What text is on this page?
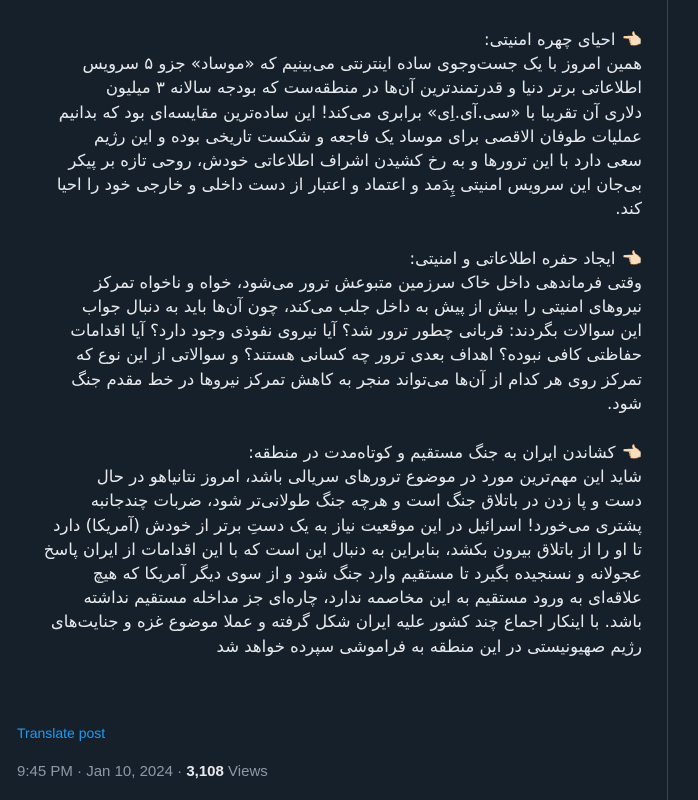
👈🏻احیای چهره امنیتی:
همین امروز با یک جست‌وجوی ساده اینترنتی می‌بینیم که «موساد» جزو ۵ سرویس
اطلاعاتی برتر دنیا و قدرتمندترین آن‌ها در منطقه‌ست که بودجه سالانه ۳ میلیون
دلاری آن تقریبا با «سی.آی.اِی» برابری می‌کند! این ساده‌ترین مقایسه‌ای بود که بدانیم
عملیات طوفان الاقصی برای موساد یک فاجعه و شکست تاریخی بوده و این رژیم
سعی دارد با این ترورها و به رخ کشیدن اشراف اطلاعاتی خودش، روحی تازه بر پیکر
بی‌جان این سرویس امنیتی پِدَمد و اعتماد و اعتبار از دست داخلی و خارجی خود را احیا
کند.
👈🏻ایجاد حفره اطلاعاتی و امنیتی:
وقتی فرماندهی داخل خاک سرزمین متبوعش ترور می‌شود، خواه و ناخواه تمرکز
نیروهای امنیتی را بیش از پیش به داخل جلب می‌کند، چون آن‌ها باید به دنبال جواب
این سوالات بگردند: قربانی چطور ترور شد؟ آیا نیروی نفوذی وجود دارد؟ آیا اقدامات
حفاظتی کافی نبوده؟ اهداف بعدی ترور چه کسانی هستند؟ و سوالاتی از این نوع که
تمرکز روی هر کدام از آن‌ها می‌تواند منجر به کاهش تمرکز نیروها در خط مقدم جنگ
شود.
👈🏻کشاندن ایران به جنگ مستقیم و کوتاه‌مدت در منطقه:
شاید این مهم‌ترین مورد در موضوع ترورهای سریالی باشد، امروز نتانیاهو در حال
دست و پا زدن در باتلاق جنگ است و هرچه جنگ طولانی‌تر شود، ضربات چندجانبه
پشتری می‌خورد! اسرائیل در این موقعیت نیاز به یک دستِ برتر از خودش (آمریکا) دارد
تا او را از باتلاق بیرون بکشد، بنابراین به دنبال این است که با این اقدامات از ایران پاسخ
عجولانه و نسنجیده بگیرد تا مستقیم وارد جنگ شود و از سوی دیگر آمریکا که هیچ
علاقه‌ای به ورود مستقیم به این مخاصمه ندارد، چاره‌ای جز مداخله مستقیم نداشته
باشد. با اینکار اجماع چند کشور علیه ایران شکل گرفته و عملا موضوع غزه و جنایت‌های
رژیم صهیونیستی در این منطقه به فراموشی سپرده خواهد شد
Translate post
9:45 PM · Jan 10, 2024 · 3,108 Views
